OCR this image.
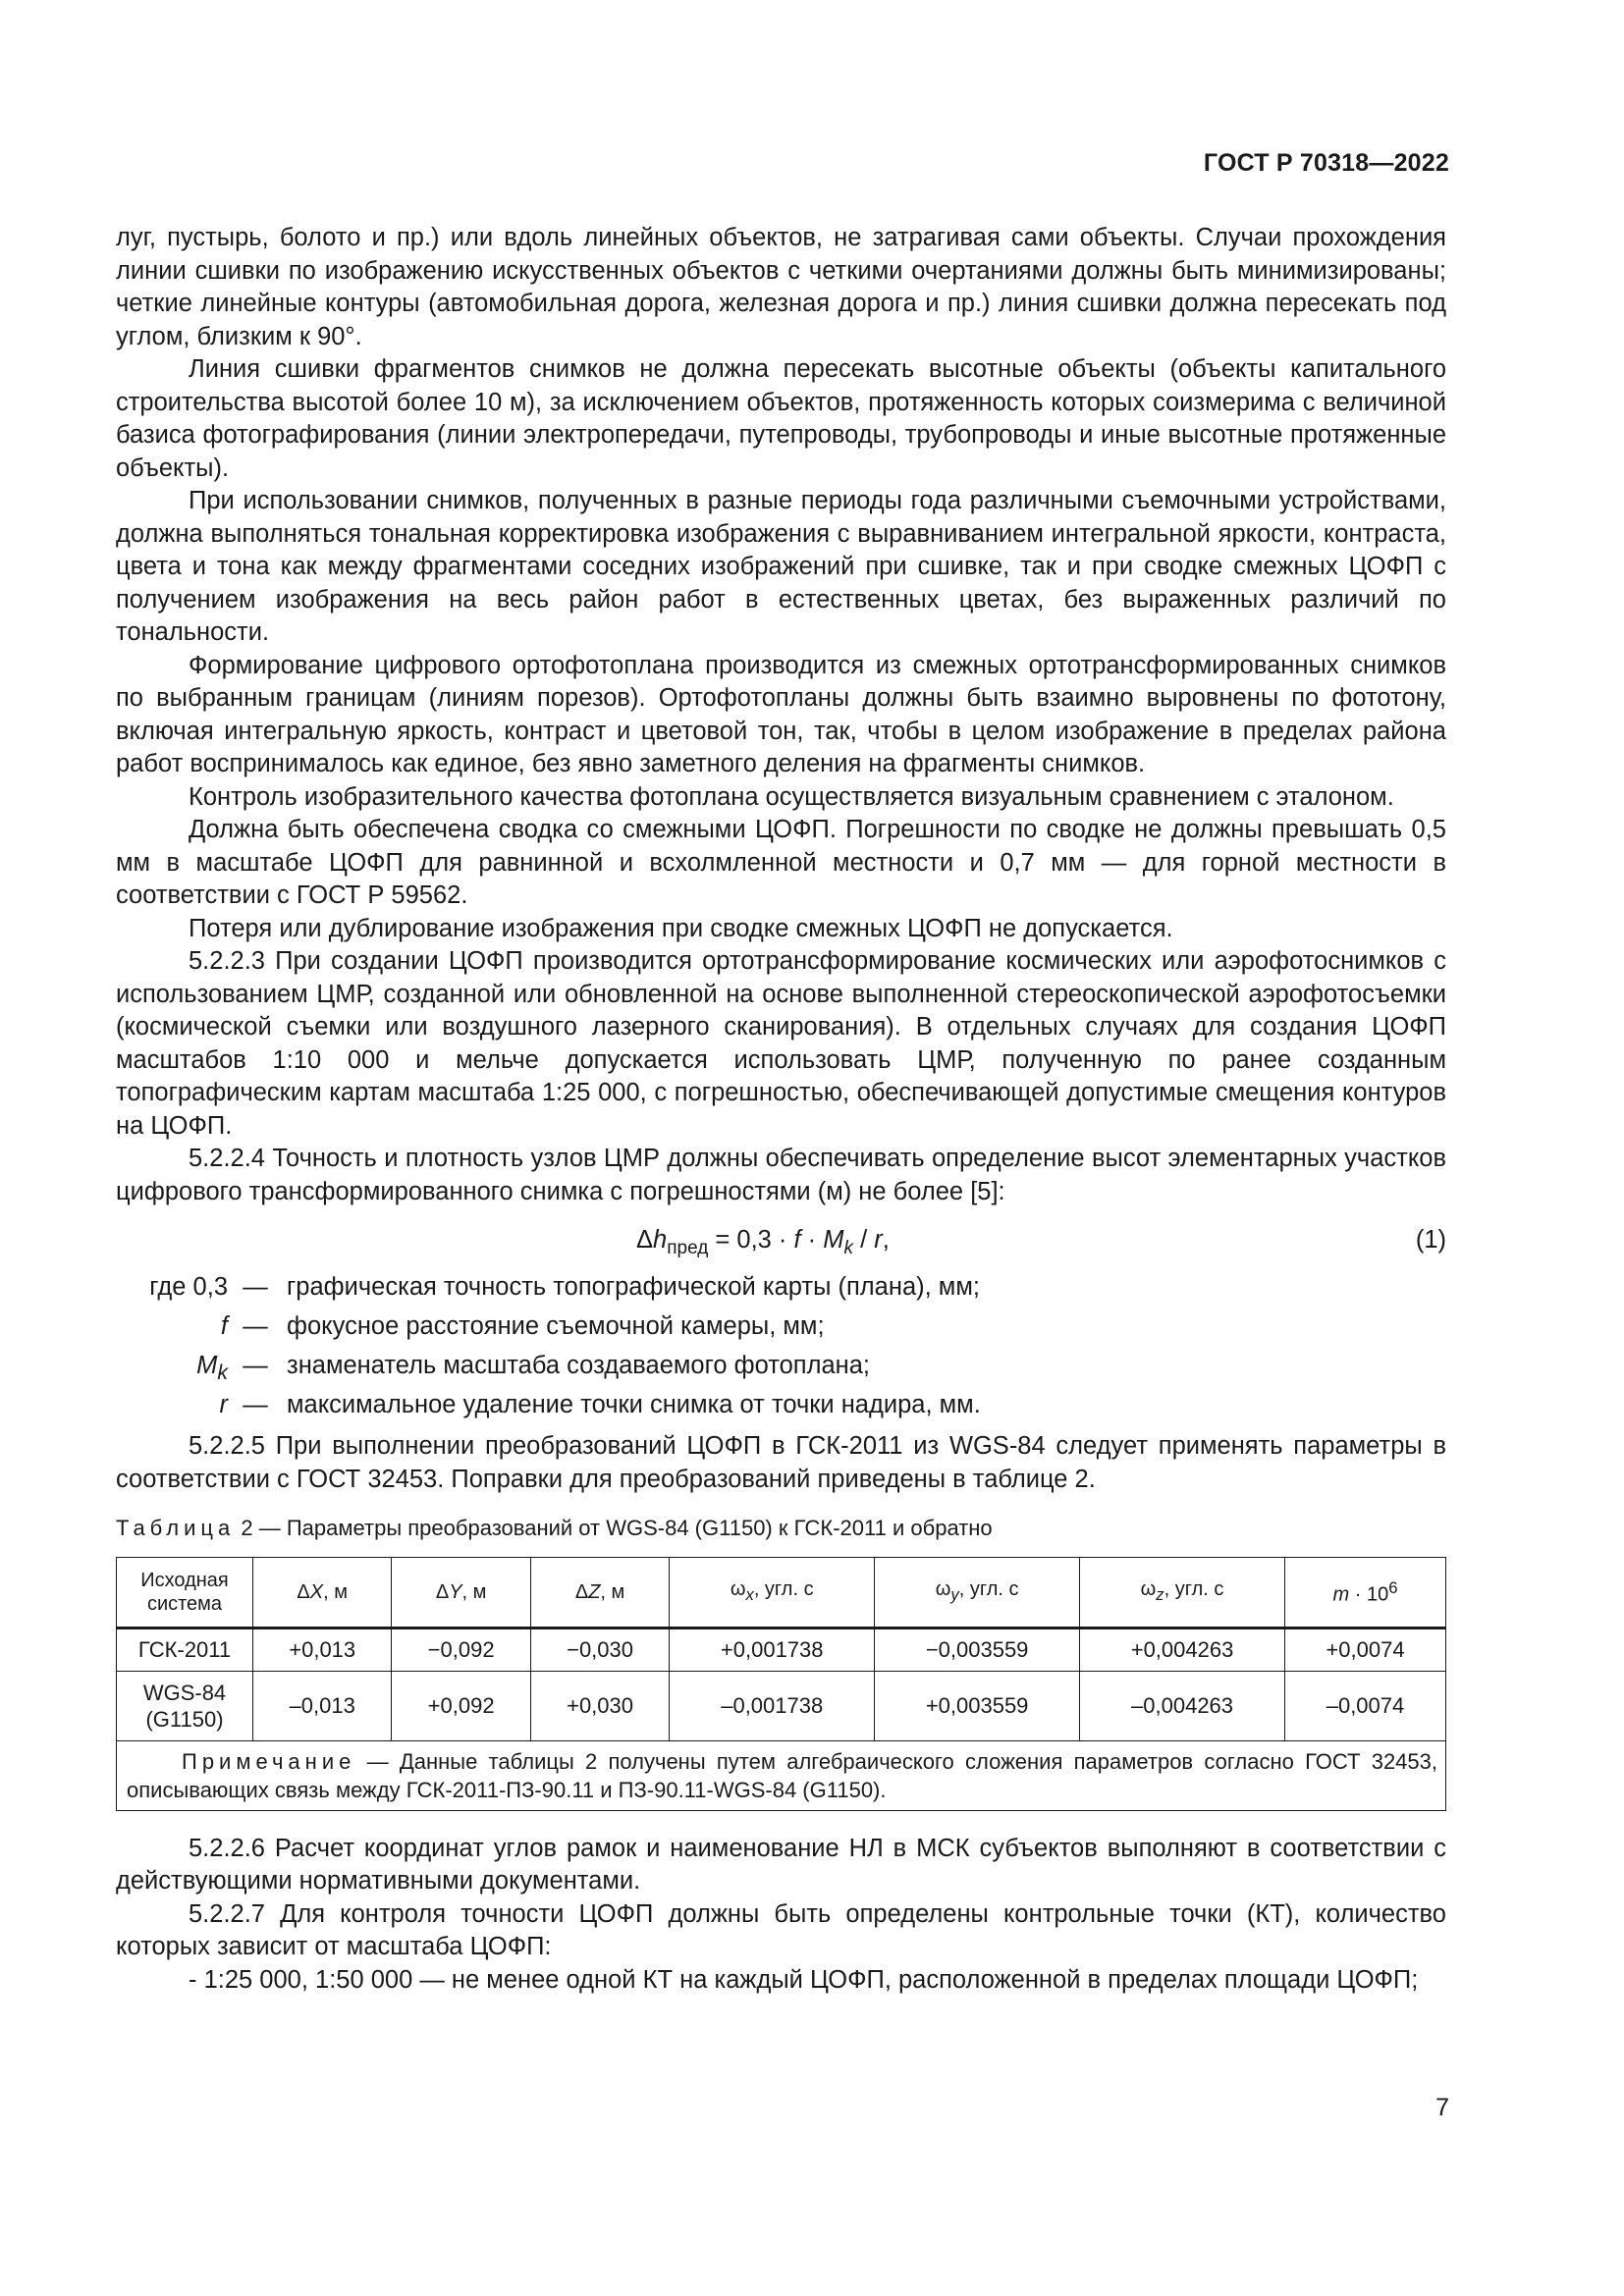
ГОСТ Р 70318—2022

луг, пустырь, болото и пр.) или вдоль линейных объектов, не затрагивая сами объекты. Случаи прохождения линии сшивки по изображению искусственных объектов с четкими очертаниями должны быть минимизированы; четкие линейные контуры (автомобильная дорога, железная дорога и пр.) линия сшивки должна пересекать под углом, близким к 90°.

Линия сшивки фрагментов снимков не должна пересекать высотные объекты (объекты капитального строительства высотой более 10 м), за исключением объектов, протяженность которых соизмерима с величиной базиса фотографирования (линии электропередачи, путепроводы, трубопроводы и иные высотные протяженные объекты).

При использовании снимков, полученных в разные периоды года различными съемочными устройствами, должна выполняться тональная корректировка изображения с выравниванием интегральной яркости, контраста, цвета и тона как между фрагментами соседних изображений при сшивке, так и при сводке смежных ЦОФП с получением изображения на весь район работ в естественных цветах, без выраженных различий по тональности.

Формирование цифрового ортофотоплана производится из смежных ортотрансформированных снимков по выбранным границам (линиям порезов). Ортофотопланы должны быть взаимно выровнены по фототону, включая интегральную яркость, контраст и цветовой тон, так, чтобы в целом изображение в пределах района работ воспринималось как единое, без явно заметного деления на фрагменты снимков.

Контроль изобразительного качества фотоплана осуществляется визуальным сравнением с эталоном.

Должна быть обеспечена сводка со смежными ЦОФП. Погрешности по сводке не должны превышать 0,5 мм в масштабе ЦОФП для равнинной и всхолмленной местности и 0,7 мм — для горной местности в соответствии с ГОСТ Р 59562.

Потеря или дублирование изображения при сводке смежных ЦОФП не допускается.

5.2.2.3 При создании ЦОФП производится ортотрансформирование космических или аэрофотоснимков с использованием ЦМР, созданной или обновленной на основе выполненной стереоскопической аэрофотосъемки (космической съемки или воздушного лазерного сканирования). В отдельных случаях для создания ЦОФП масштабов 1:10 000 и мельче допускается использовать ЦМР, полученную по ранее созданным топографическим картам масштаба 1:25 000, с погрешностью, обеспечивающей допустимые смещения контуров на ЦОФП.

5.2.2.4 Точность и плотность узлов ЦМР должны обеспечивать определение высот элементарных участков цифрового трансформированного снимка с погрешностями (м) не более [5]:

$\Delta h_{пред} = 0,3 \cdot f \cdot M_k / r$,	(1)
где 0,3 — графическая точность топографической карты (плана), мм;
f — фокусное расстояние съемочной камеры, мм;
$M_k$ — знаменатель масштаба создаваемого фотоплана;
r — максимальное удаление точки снимка от точки надира, мм.

5.2.2.5 При выполнении преобразований ЦОФП в ГСК-2011 из WGS-84 следует применять параметры в соответствии с ГОСТ 32453. Поправки для преобразований приведены в таблице 2.

Таблица 2 — Параметры преобразований от WGS-84 (G1150) к ГСК-2011 и обратно
Исходная система	ΔX, м	ΔY, м	ΔZ, м	$\omega_x$, угл. с	$\omega_y$, угл. с	$\omega_z$, угл. с	$m \cdot 10^6$
ГСК-2011	+0,013	−0,092	−0,030	+0,001738	−0,003559	+0,004263	+0,0074
WGS-84 (G1150)	–0,013	+0,092	+0,030	–0,001738	+0,003559	–0,004263	–0,0074
Примечание — Данные таблицы 2 получены путем алгебраического сложения параметров согласно ГОСТ 32453, описывающих связь между ГСК-2011-ПЗ-90.11 и ПЗ-90.11-WGS-84 (G1150).							

5.2.2.6 Расчет координат углов рамок и наименование НЛ в МСК субъектов выполняют в соответствии с действующими нормативными документами.

5.2.2.7 Для контроля точности ЦОФП должны быть определены контрольные точки (КТ), количество которых зависит от масштаба ЦОФП:

- 1:25 000, 1:50 000 — не менее одной КТ на каждый ЦОФП, расположенной в пределах площади ЦОФП;

7
